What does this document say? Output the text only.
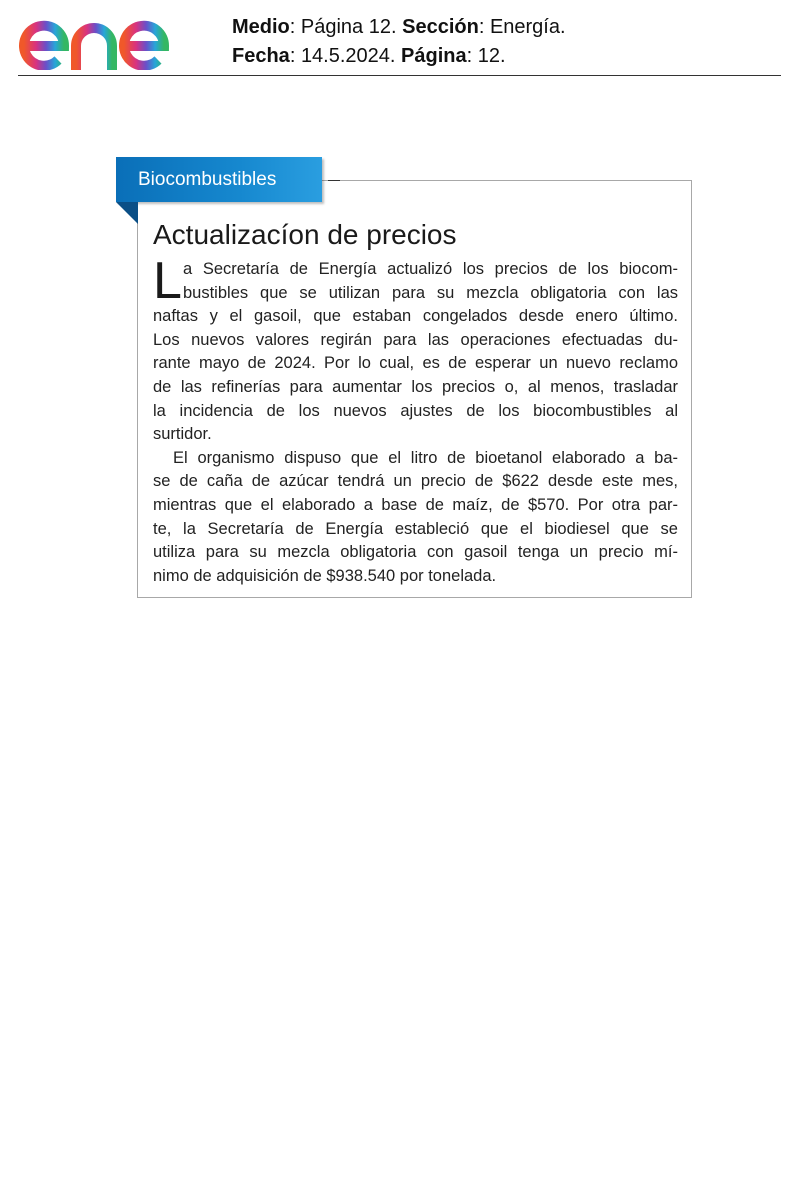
Medio: Página 12. Sección: Energía.
Fecha: 14.5.2024. Página: 12.
Biocombustibles
Actualizacíon de precios
L a Secretaría de Energía actualizó los precios de los biocom-
bustibles que se utilizan para su mezcla obligatoria con las
naftas y el gasoil, que estaban congelados desde enero último.
Los nuevos valores regirán para las operaciones efectuadas du-
rante mayo de 2024. Por lo cual, es de esperar un nuevo reclamo
de las refinerías para aumentar los precios o, al menos, trasladar
la incidencia de los nuevos ajustes de los biocombustibles al
surtidor.
El organismo dispuso que el litro de bioetanol elaborado a ba-
se de caña de azúcar tendrá un precio de $622 desde este mes,
mientras que el elaborado a base de maíz, de $570. Por otra par-
te, la Secretaría de Energía estableció que el biodiesel que se
utiliza para su mezcla obligatoria con gasoil tenga un precio mí-
nimo de adquisición de $938.540 por tonelada.
